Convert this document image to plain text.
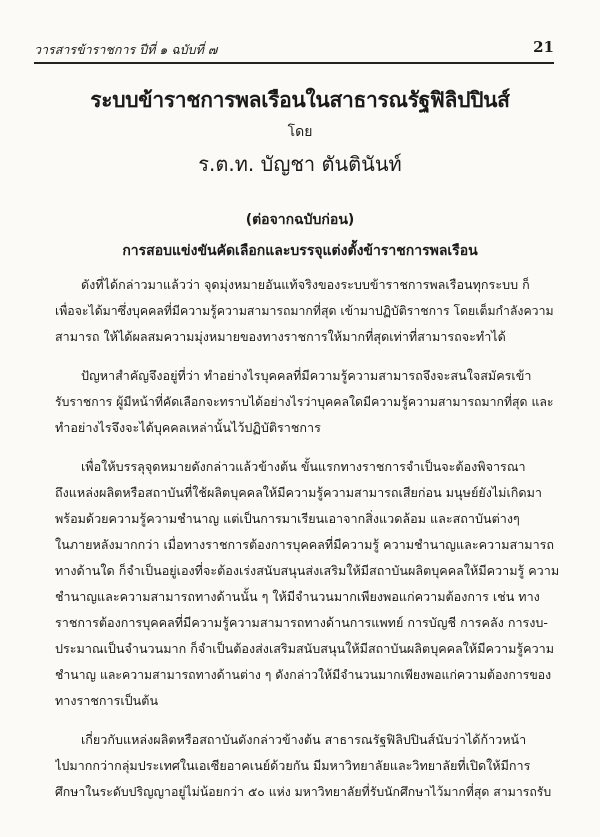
วารสารข้าราชการ ปีที่ ๑ ฉบับที่ ๗	21
ระบบข้าราชการพลเรือนในสาธารณรัฐฟิลิปปินส์
โดย
ร.ต.ท. บัญชา ตันตินันท์
(ต่อจากฉบับก่อน)
การสอบแข่งขันคัดเลือกและบรรจุแต่งตั้งข้าราชการพลเรือน
ดังที่ได้กล่าวมาแล้วว่า จุดมุ่งหมายอันแท้จริงของระบบข้าราชการพลเรือนทุกระบบ ก็
เพื่อจะได้มาซึ่งบุคคลที่มีความรู้ความสามารถมากที่สุด เข้ามาปฏิบัติราชการ โดยเต็มกำลังความ
สามารถ ให้ได้ผลสมความมุ่งหมายของทางราชการให้มากที่สุดเท่าที่สามารถจะทำได้
ปัญหาสำคัญจึงอยู่ที่ว่า ทำอย่างไรบุคคลที่มีความรู้ความสามารถจึงจะสนใจสมัครเข้า
รับราชการ ผู้มีหน้าที่คัดเลือกจะทราบได้อย่างไรว่าบุคคลใดมีความรู้ความสามารถมากที่สุด และ
ทำอย่างไรจึงจะได้บุคคลเหล่านั้นไว้ปฏิบัติราชการ
เพื่อให้บรรลุจุดหมายดังกล่าวแล้วข้างต้น ขั้นแรกทางราชการจำเป็นจะต้องพิจารณา
ถึงแหล่งผลิตหรือสถาบันที่ใช้ผลิตบุคคลให้มีความรู้ความสามารถเสียก่อน มนุษย์ยังไม่เกิดมา
พร้อมด้วยความรู้ความชำนาญ แต่เป็นการมาเรียนเอาจากสิ่งแวดล้อม และสถาบันต่างๆ
ในภายหลังมากกว่า เมื่อทางราชการต้องการบุคคลที่มีความรู้ ความชำนาญและความสามารถ
ทางด้านใด ก็จำเป็นอยู่เองที่จะต้องเร่งสนับสนุนส่งเสริมให้มีสถาบันผลิตบุคคลให้มีความรู้ ความ
ชำนาญและความสามารถทางด้านนั้น ๆ ให้มีจำนวนมากเพียงพอแก่ความต้องการ เช่น ทาง
ราชการต้องการบุคคลที่มีความรู้ความสามารถทางด้านการแพทย์ การบัญชี การคลัง การงบ-
ประมาณเป็นจำนวนมาก ก็จำเป็นต้องส่งเสริมสนับสนุนให้มีสถาบันผลิตบุคคลให้มีความรู้ความ
ชำนาญ และความสามารถทางด้านต่าง ๆ ดังกล่าวให้มีจำนวนมากเพียงพอแก่ความต้องการของ
ทางราชการเป็นต้น
เกี่ยวกับแหล่งผลิตหรือสถาบันดังกล่าวข้างต้น สาธารณรัฐฟิลิปปินส์นับว่าได้ก้าวหน้า
ไปมากกว่ากลุ่มประเทศในเอเซียอาคเนย์ด้วยกัน มีมหาวิทยาลัยและวิทยาลัยที่เปิดให้มีการ
ศึกษาในระดับปริญญาอยู่ไม่น้อยกว่า ๕๐ แห่ง มหาวิทยาลัยที่รับนักศึกษาไว้มากที่สุด สามารถรับ
